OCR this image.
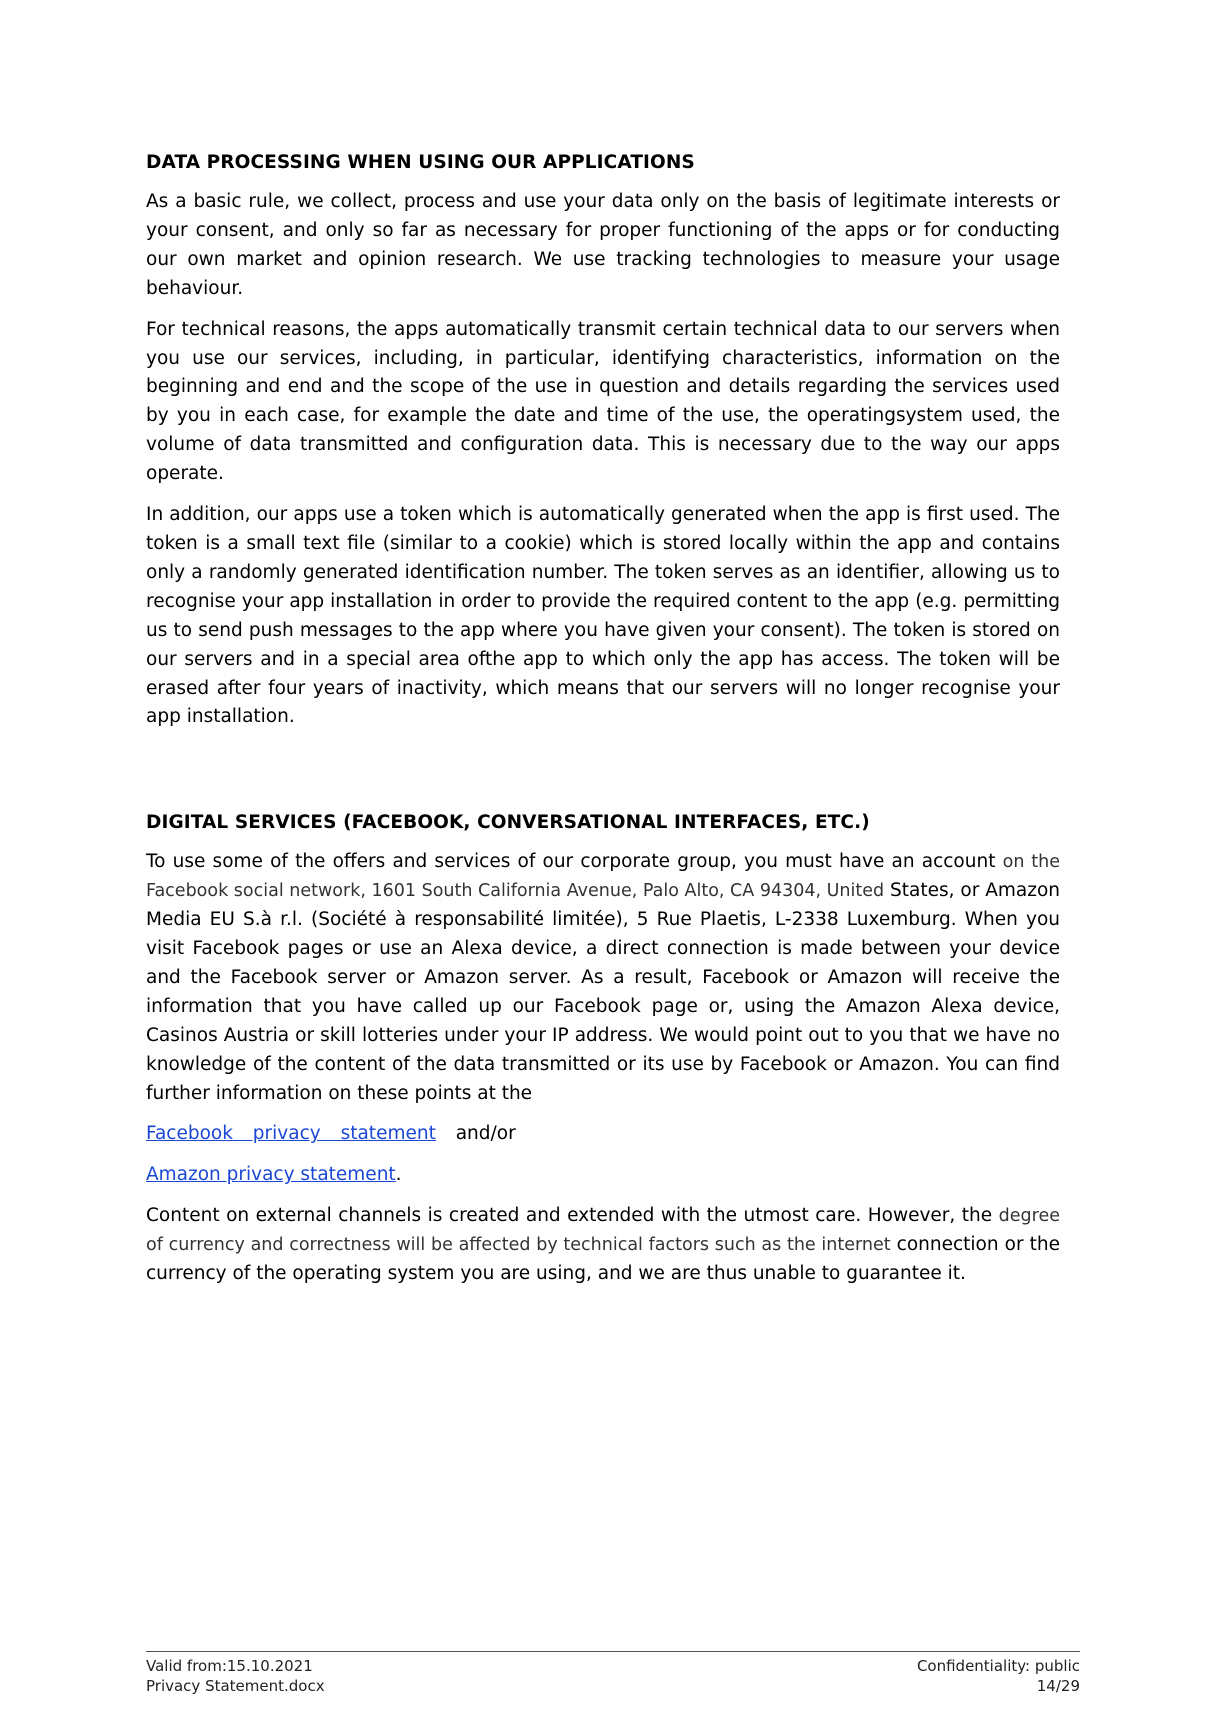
DATA PROCESSING WHEN USING OUR APPLICATIONS

As a basic rule, we collect, process and use your data only on the basis of legitimate interests or your consent, and only so far as necessary for proper functioning of the apps or for conducting our own market and opinion research. We use tracking technologies to measure your usage behaviour.

For technical reasons, the apps automatically transmit certain technical data to our servers when you use our services, including, in particular, identifying characteristics, information on the beginning and end and the scope of the use in question and details regarding the services used by you in each case, for example the date and time of the use, the operatingsystem used, the volume of data transmitted and configuration data. This is necessary due to the way our apps operate.

In addition, our apps use a token which is automatically generated when the app is first used. The token is a small text file (similar to a cookie) which is stored locally within the app and contains only a randomly generated identification number. The token serves as an identifier, allowing us to recognise your app installation in order to provide the required content to the app (e.g. permitting us to send push messages to the app where you have given your consent). The token is stored on our servers and in a special area ofthe app to which only the app has access. The token will be erased after four years of inactivity, which means that our servers will no longer recognise your app installation.

DIGITAL SERVICES (FACEBOOK, CONVERSATIONAL INTERFACES, ETC.)

To use some of the offers and services of our corporate group, you must have an account on the Facebook social network, 1601 South California Avenue, Palo Alto, CA 94304, United States, or Amazon Media EU S.à r.l. (Société à responsabilité limitée), 5 Rue Plaetis, L-2338 Luxemburg. When you visit Facebook pages or use an Alexa device, a direct connection is made between your device and the Facebook server or Amazon server. As a result, Facebook or Amazon will receive the information that you have called up our Facebook page or, using the Amazon Alexa device, Casinos Austria or skill lotteries under your IP address. We would point out to you that we have no knowledge of the content of the data transmitted or its use by Facebook or Amazon. You can find further information on these points at the

Facebook privacy statement and/or
Amazon privacy statement.

Content on external channels is created and extended with the utmost care. However, the degree of currency and correctness will be affected by technical factors such as the internet connection or the currency of the operating system you are using, and we are thus unable to guarantee it.

Valid from:15.10.2021
Privacy Statement.docx
Confidentiality: public
14/29
